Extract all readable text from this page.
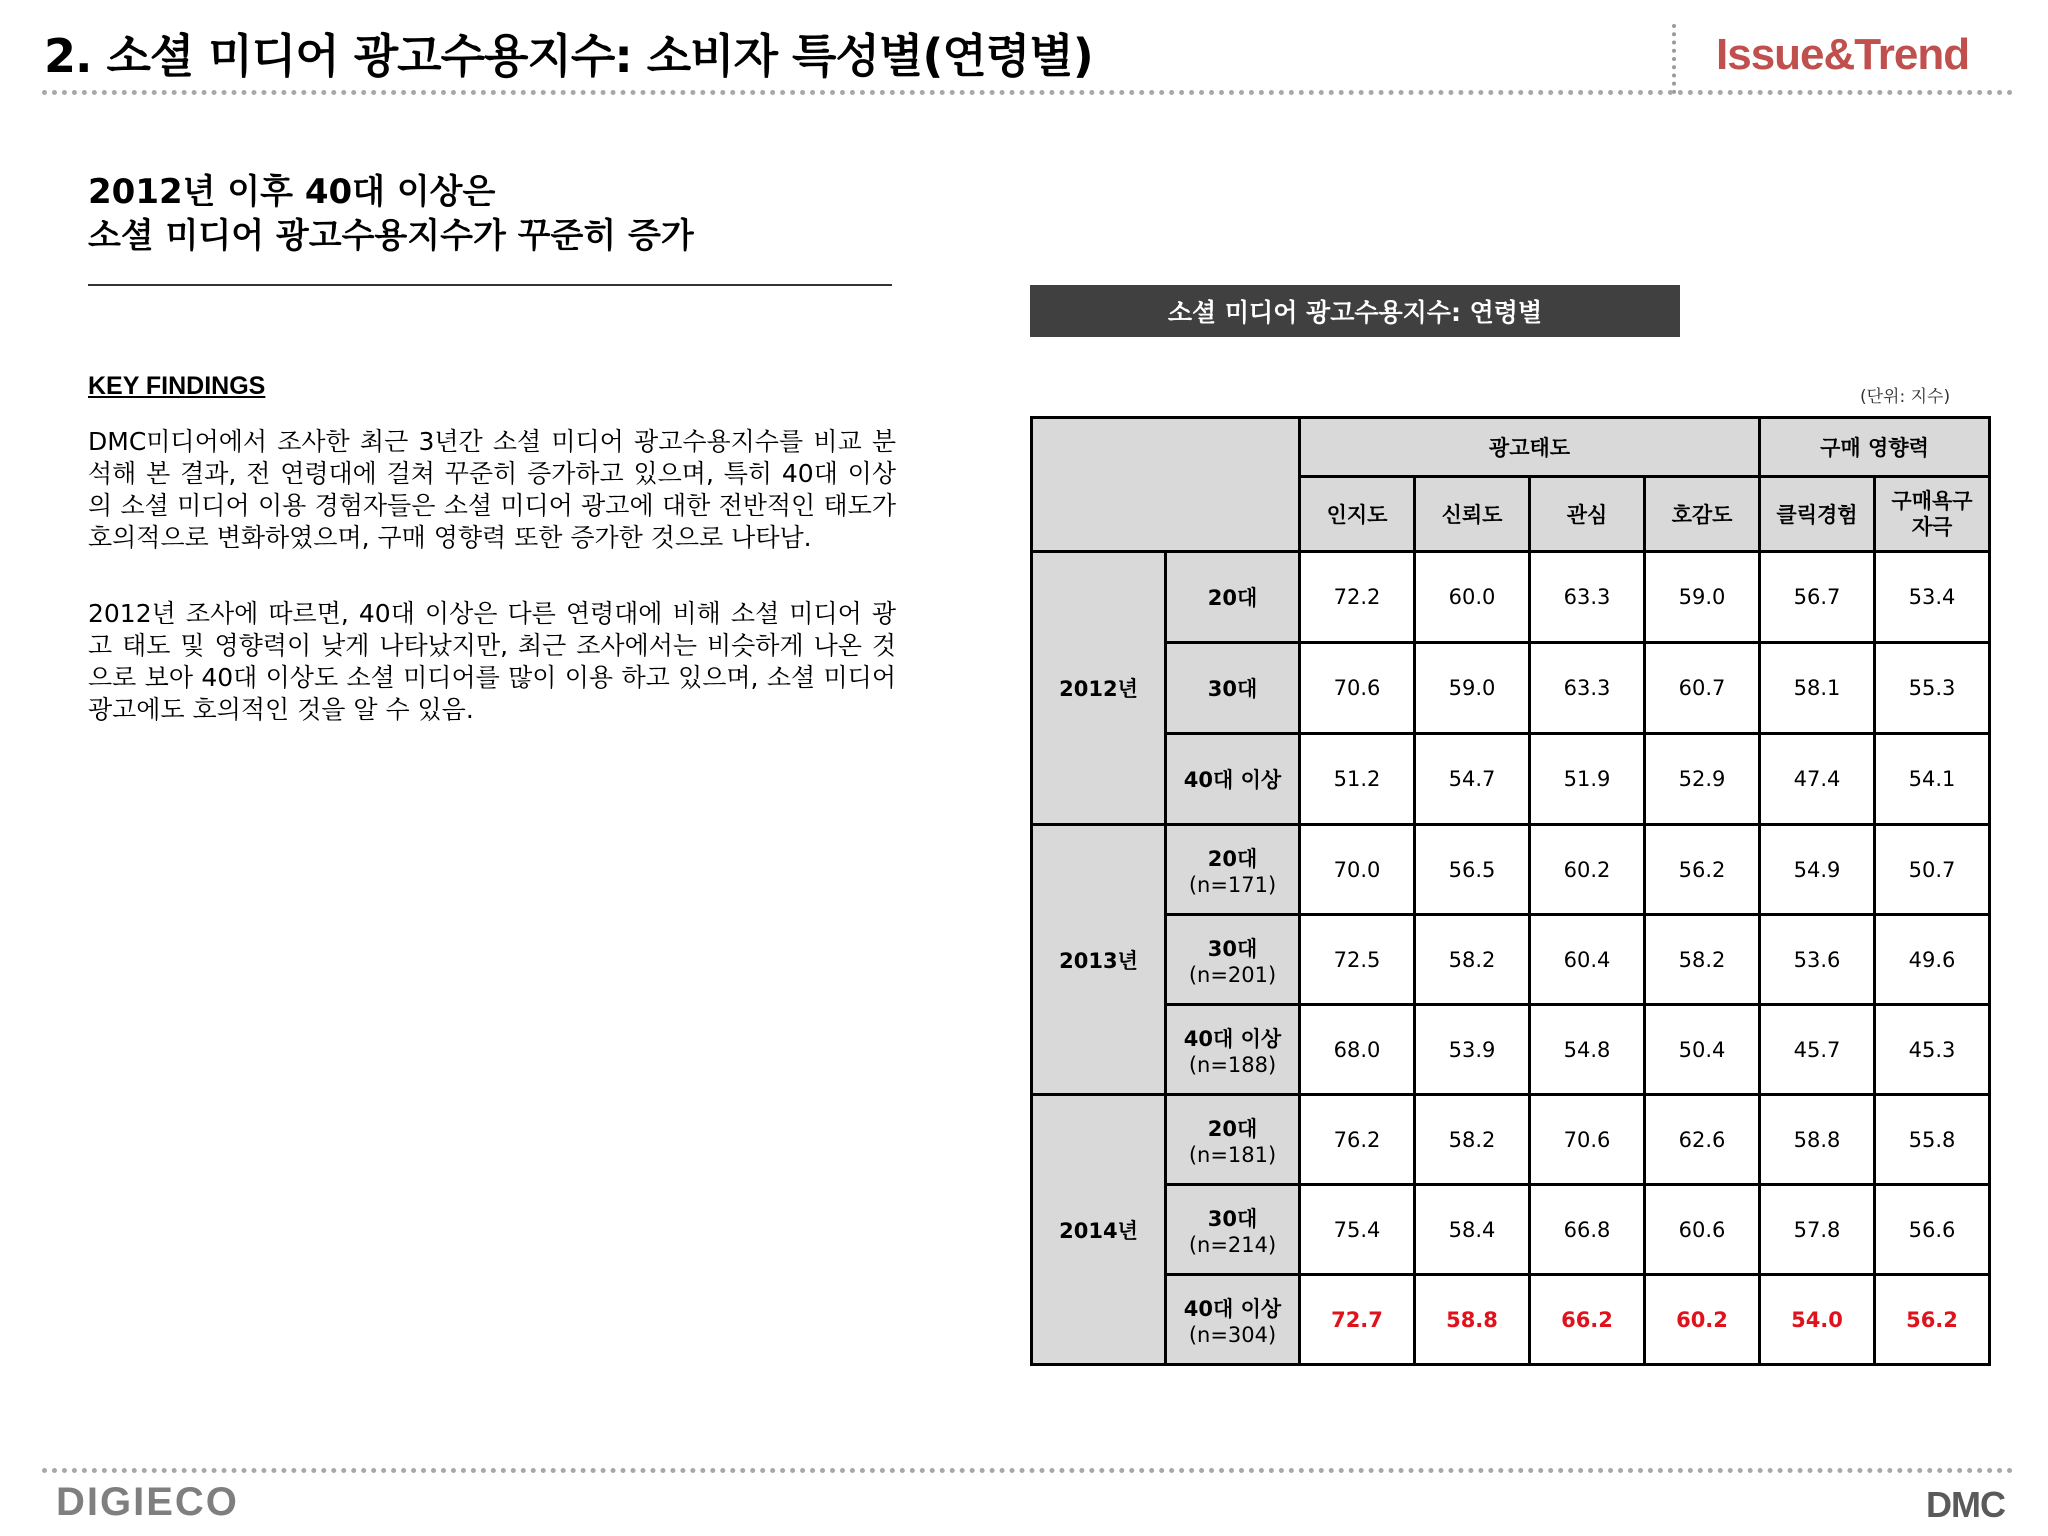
2. 소셜 미디어 광고수용지수: 소비자 특성별(연령별)	Issue&Trend
2012년 이후 40대 이상은
소셜 미디어 광고수용지수가 꾸준히 증가
KEY FINDINGS
DMC미디어에서 조사한 최근 3년간 소셜 미디어 광고수용지수를 비교 분석해 본 결과, 전 연령대에 걸쳐 꾸준히 증가하고 있으며, 특히 40대 이상의 소셜 미디어 이용 경험자들은 소셜 미디어 광고에 대한 전반적인 태도가 호의적으로 변화하였으며, 구매 영향력 또한 증가한 것으로 나타남.
2012년 조사에 따르면, 40대 이상은 다른 연령대에 비해 소셜 미디어 광고 태도 및 영향력이 낮게 나타났지만, 최근 조사에서는 비슷하게 나온 것으로 보아 40대 이상도 소셜 미디어를 많이 이용 하고 있으며, 소셜 미디어 광고에도 호의적인 것을 알 수 있음.
소셜 미디어 광고수용지수: 연령별
(단위: 지수)
		광고태도				구매 영향력	
		인지도	신뢰도	관심	호감도	클릭경험	구매욕구 자극
2012년	20대	72.2	60.0	63.3	59.0	56.7	53.4

	30대	70.6	59.0	63.3	60.7	58.1	55.3

	40대 이상	51.2	54.7	51.9	52.9	47.4	54.1
2013년	20대
(n=171)	70.0	56.5	60.2	56.2	54.9	50.7

	30대
(n=201)	72.5	58.2	60.4	58.2	53.6	49.6

	40대 이상
(n=188)	68.0	53.9	54.8	50.4	45.7	45.3
2014년	20대
(n=181)	76.2	58.2	70.6	62.6	58.8	55.8

	30대
(n=214)	75.4	58.4	66.8	60.6	57.8	56.6

	40대 이상
(n=304)	72.7	58.8	66.2	60.2	54.0	56.2
DIGIECO	DMC
